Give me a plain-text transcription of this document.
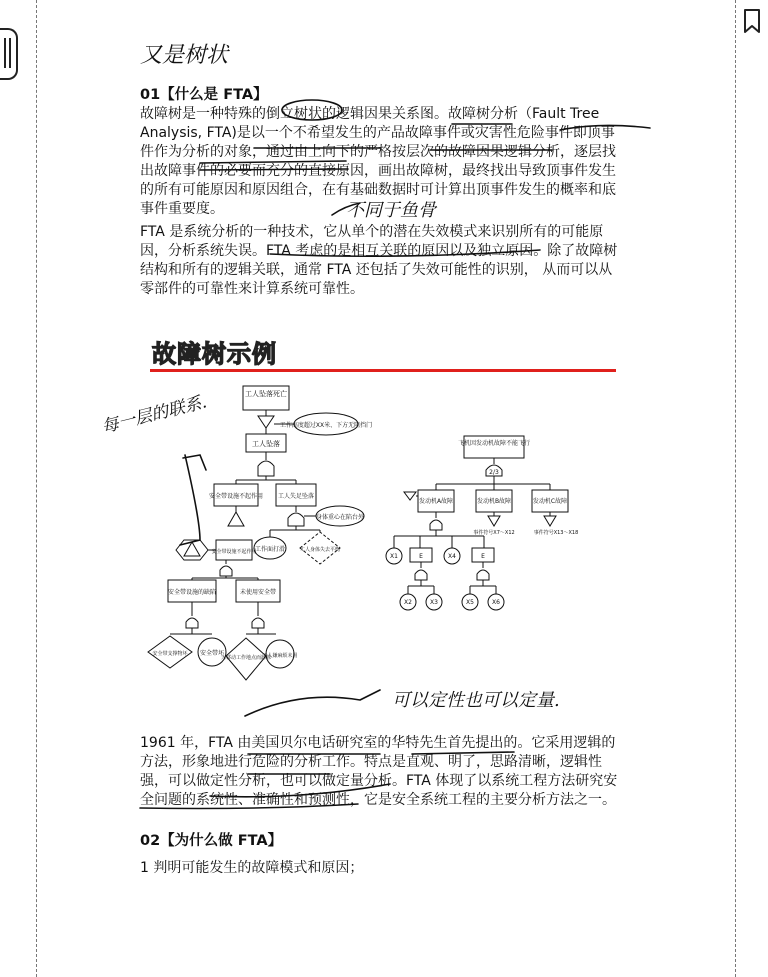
又是树状

01【什么是 FTA】

故障树是一种特殊的倒立树状的逻辑因果关系图。故障树分析（Fault Tree Analysis, FTA)是以一个不希望发生的产品故障事件或灾害性危险事件即顶事件作为分析的对象，通过由上向下的严格按层次的故障因果逻辑分析，逐层找出故障事件的必要而充分的直接原因，画出故障树，最终找出导致顶事件发生的所有可能原因和原因组合，在有基础数据时可计算出顶事件发生的概率和底事件重要度。

FTA 是系统分析的一种技术，它从单个的潜在失效模式来识别所有的可能原因，分析系统失误。FTA 考虑的是相互关联的原因以及独立原因。除了故障树结构和所有的逻辑关联，通常 FTA 还包括了失效可能性的识别， 从而可以从零部件的可靠性来计算系统可靠性。

不同于鱼骨
每一层的联系.
可以定性也可以定量.
故障树示例
工人坠落死亡
工作高度超过XX米、下方无阻挡门
工人坠落
安全带设施不起作用 工人失足坠落
身体重心在陷台外
安全带设施不起作用
工作面打滑	工人身体失去平衡
安全带设施的缺陷	未使用安全带
安全带支撑物坏 安全带坏
为移动工作地点而卸除
工人嫌麻烦未用
飞机因发动机故障不能飞行
2/3
发动机A故障	发动机B故障	发动机C故障
事件符号X7～X12	事件符号X13～X18
X1	E	X4	E
X2	X3	X5	X6

1961 年，FTA 由美国贝尔电话研究室的华特先生首先提出的。它采用逻辑的方法，形象地进行危险的分析工作。特点是直观、明了，思路清晰，逻辑性强，可以做定性分析，也可以做定量分析。FTA 体现了以系统工程方法研究安全问题的系统性、准确性和预测性，它是安全系统工程的主要分析方法之一。

02【为什么做 FTA】

1 判明可能发生的故障模式和原因；
